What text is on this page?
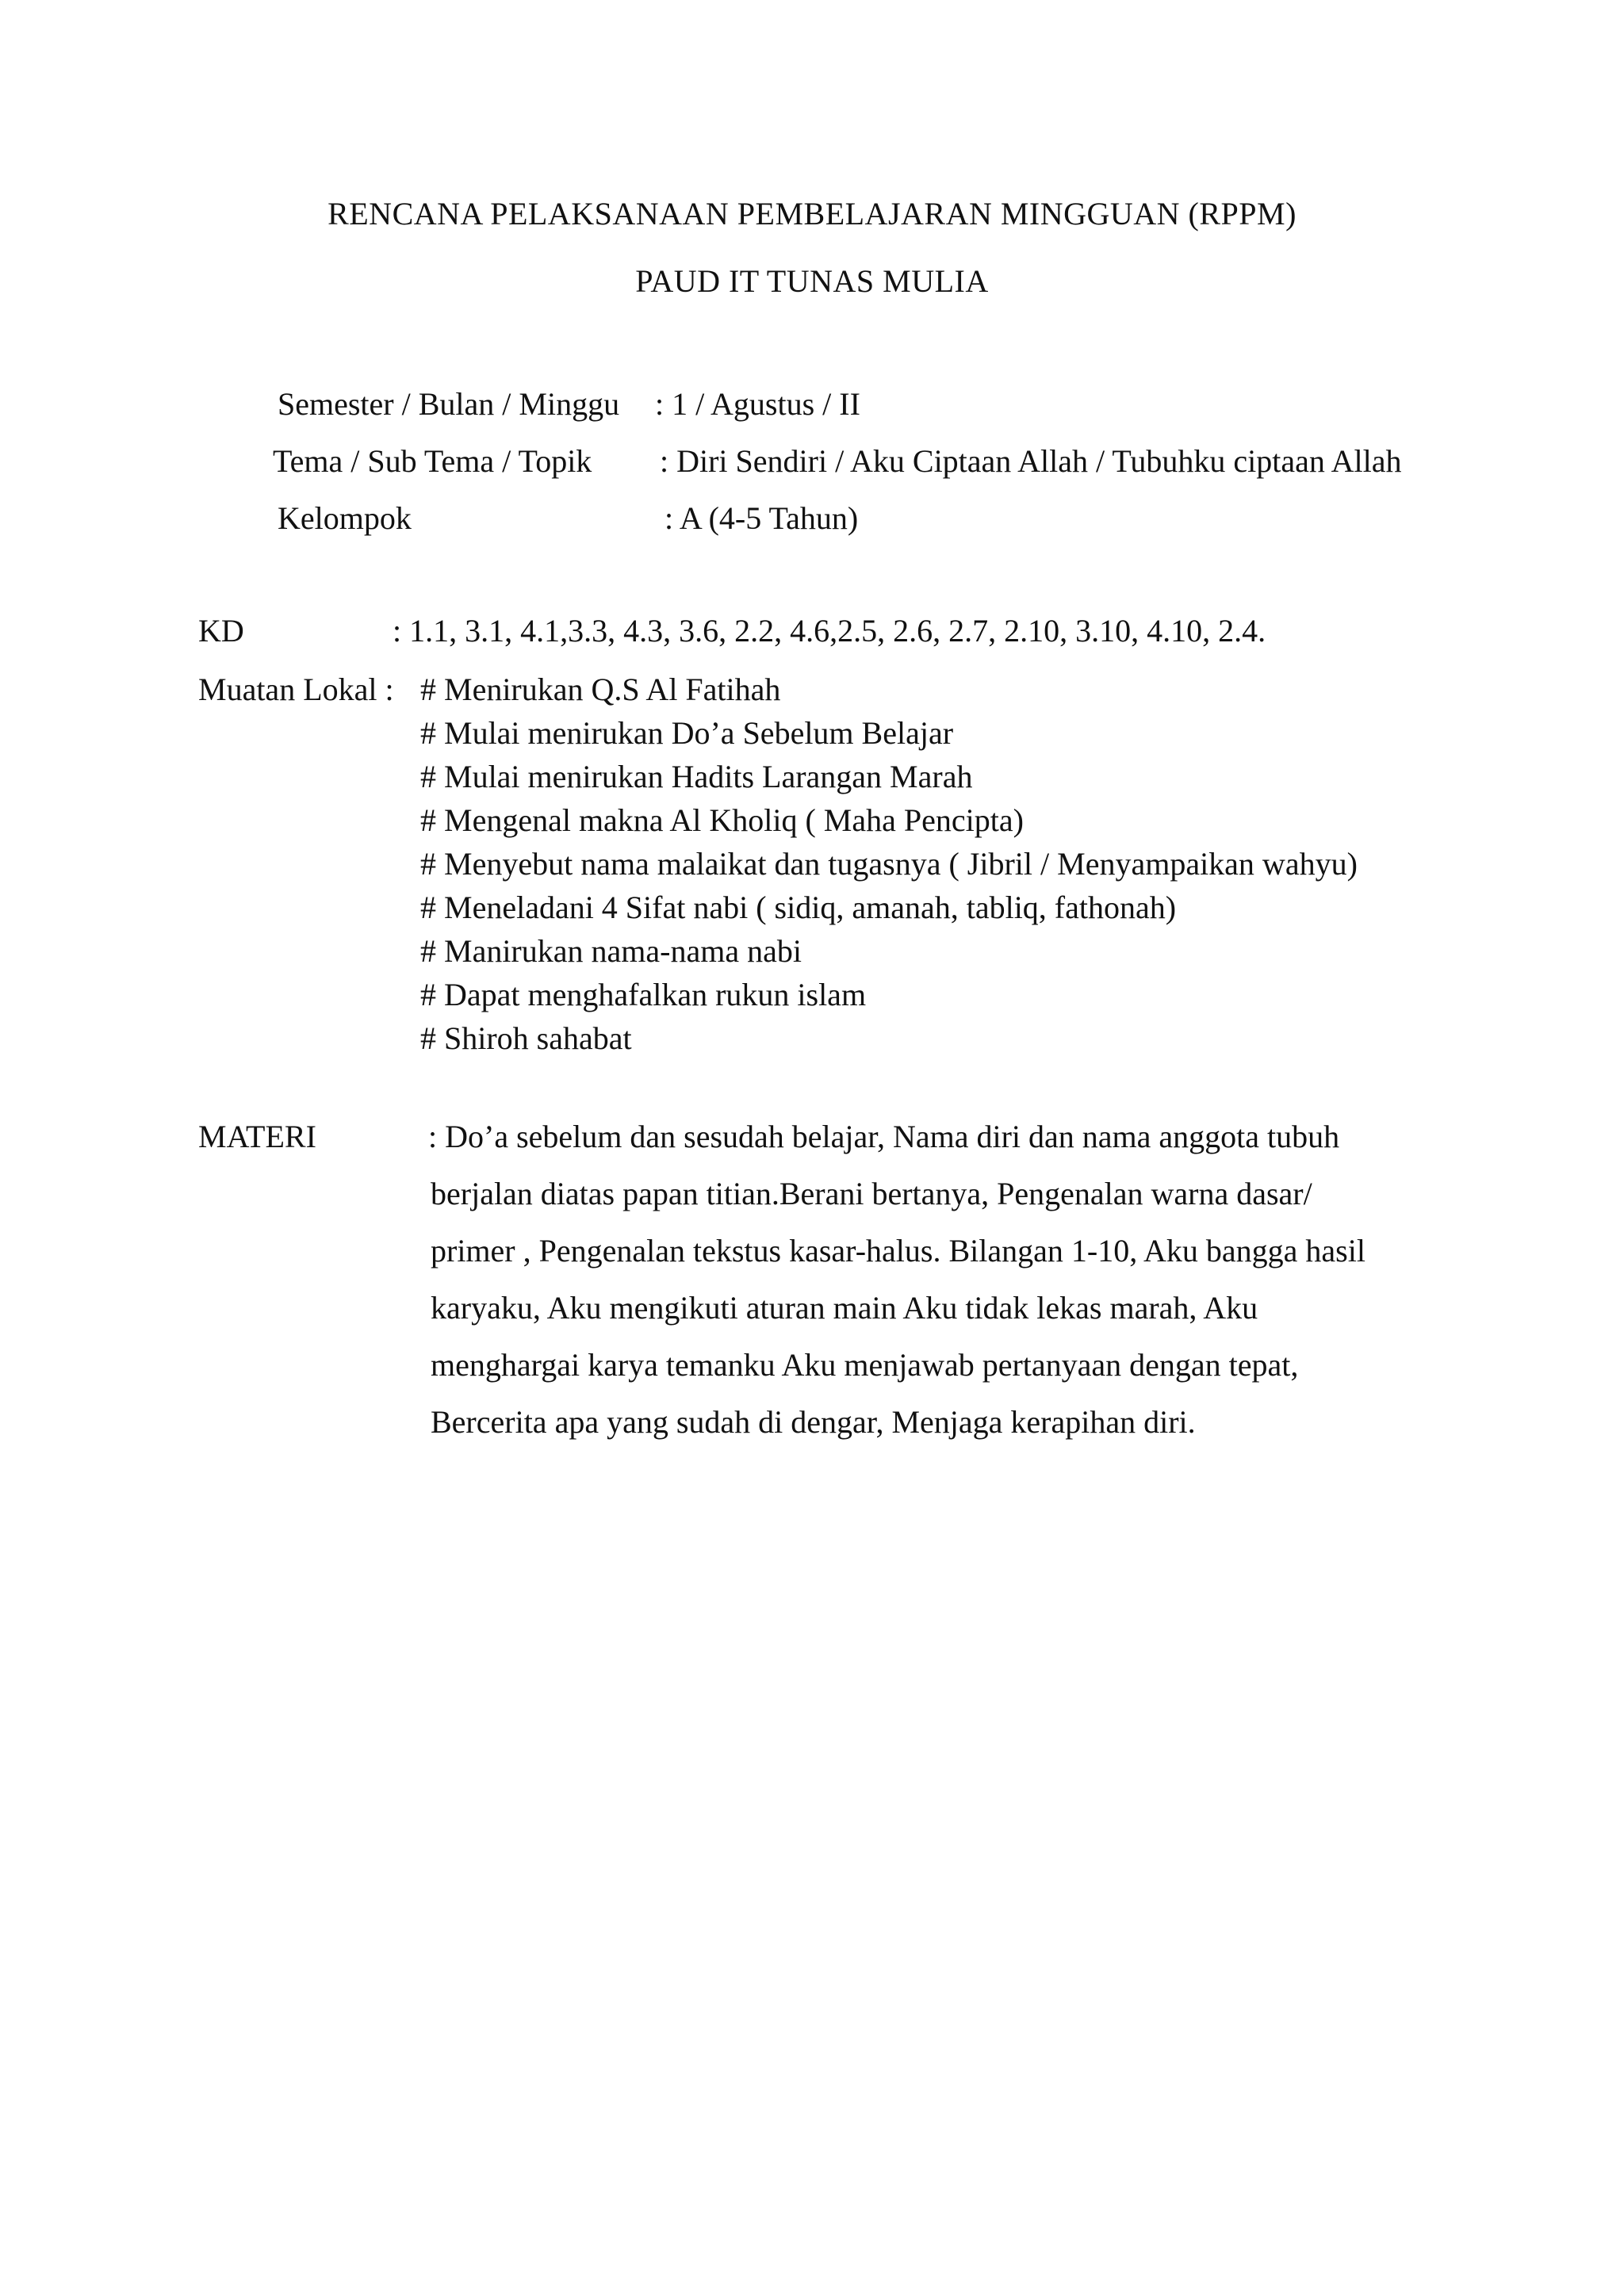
RENCANA PELAKSANAAN PEMBELAJARAN MINGGUAN (RPPM)
PAUD IT TUNAS MULIA
Semester / Bulan / Minggu : 1 / Agustus / II
Tema / Sub Tema / Topik : Diri Sendiri / Aku Ciptaan Allah / Tubuhku ciptaan Allah
Kelompok	: A (4-5 Tahun)
KD	: 1.1, 3.1, 4.1,3.3, 4.3, 3.6, 2.2, 4.6,2.5, 2.6, 2.7, 2.10, 3.10, 4.10, 2.4.
Muatan Lokal : # Menirukan Q.S Al Fatihah
# Mulai menirukan Do’a Sebelum Belajar
# Mulai menirukan Hadits Larangan Marah
# Mengenal makna Al Kholiq ( Maha Pencipta)
# Menyebut nama malaikat dan tugasnya ( Jibril / Menyampaikan wahyu)
# Meneladani 4 Sifat nabi ( sidiq, amanah, tabliq, fathonah)
# Manirukan nama-nama nabi
# Dapat menghafalkan rukun islam
# Shiroh sahabat
MATERI	: Do’a sebelum dan sesudah belajar, Nama diri dan nama anggota tubuh
berjalan diatas papan titian.Berani bertanya, Pengenalan warna dasar/
primer , Pengenalan tekstus kasar-halus. Bilangan 1-10, Aku bangga hasil
karyaku, Aku mengikuti aturan main Aku tidak lekas marah, Aku
menghargai karya temanku Aku menjawab pertanyaan dengan tepat,
Bercerita apa yang sudah di dengar, Menjaga kerapihan diri.
